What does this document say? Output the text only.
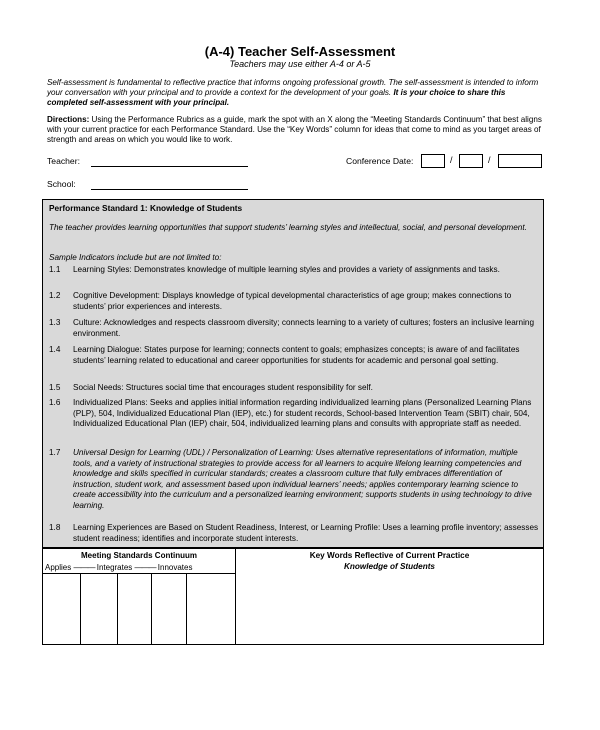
(A-4) Teacher Self-Assessment
Teachers may use either A-4 or A-5
Self-assessment is fundamental to reflective practice that informs ongoing professional growth. The self-assessment is intended to inform your conversation with your principal and to provide a context for the development of your goals. It is your choice to share this completed self-assessment with your principal.
Directions: Using the Performance Rubrics as a guide, mark the spot with an X along the “Meeting Standards Continuum” that best aligns with your current practice for each Performance Standard. Use the “Key Words” column for ideas that come to mind as you target areas of strength and areas on which you would like to work.
Teacher:
School:
Conference Date:	/	/
Performance Standard 1: Knowledge of Students
The teacher provides learning opportunities that support students’ learning styles and intellectual, social, and personal development.
Sample Indicators include but are not limited to:
1.1 Learning Styles: Demonstrates knowledge of multiple learning styles and provides a variety of assignments and tasks.
1.2 Cognitive Development: Displays knowledge of typical developmental characteristics of age group; makes connections to students’ prior experiences and interests.
1.3 Culture: Acknowledges and respects classroom diversity; connects learning to a variety of cultures; fosters an inclusive learning environment.
1.4 Learning Dialogue: States purpose for learning; connects content to goals; emphasizes concepts; is aware of and facilitates students’ learning related to educational and career opportunities for students for academic and personal goal setting.
1.5 Social Needs: Structures social time that encourages student responsibility for self.
1.6 Individualized Plans: Seeks and applies initial information regarding individualized learning plans (Personalized Learning Plans (PLP), 504, Individualized Educational Plan (IEP), etc.) for student records, School-based Intervention Team (SBIT) chair, 504, Individualized Educational Plan (IEP) chair, 504, individualized learning plans and consults with appropriate staff as needed.
1.7 Universal Design for Learning (UDL) / Personalization of Learning: Uses alternative representations of information, multiple tools, and a variety of instructional strategies to provide access for all learners to acquire lifelong learning competencies and knowledge and skills specified in curricular standards; creates a classroom culture that fully embraces differentiation of instruction, student work, and assessment based upon individual learners’ needs; applies contemporary learning science to create accessibility into the curriculum and a personalized learning environment; supports students in using technology to drive learning.
1.8 Learning Experiences are Based on Student Readiness, Interest, or Learning Profile: Uses a learning profile inventory; assesses student readiness; identifies and incorporate student interests.
Meeting Standards Continuum
Applies ——— Integrates ——— Innovates
Key Words Reflective of Current Practice
Knowledge of Students
